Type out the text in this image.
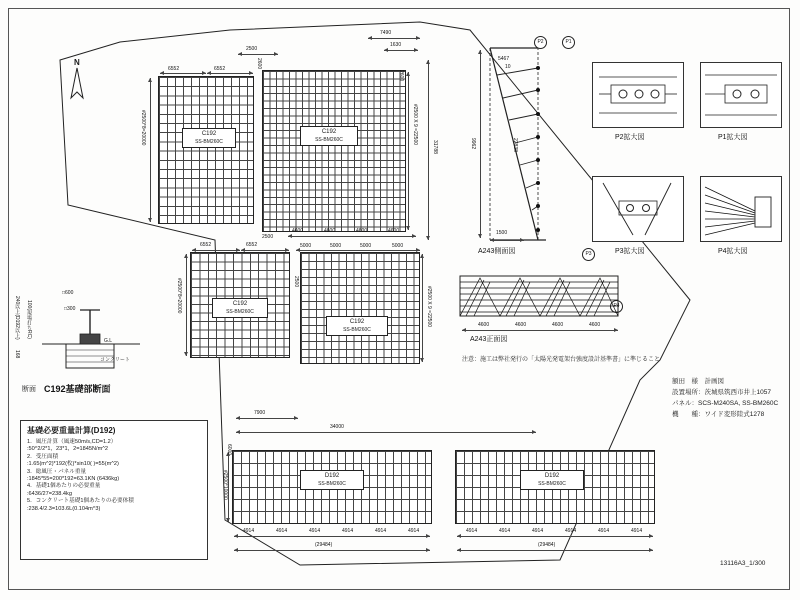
N
C192
SS-BM260C
6552	6552
#2500*8=20000	C192
SS-BM260C	#2500 X 9 =22500
7490
1630
2500
2600
2600
31788
C192
SS-BM260C
6552	6552
#2500*8=20000
C192
SS-BM260C
#2500 X 9 =22500
2500
5000	5000	5000	5000
2500
4600	4600	4600	4600
D192
SS-BM260C
D192
SS-BM260C
#2500*10000
4914	4914	4914	4914	4914	4914
(29484)
4914	4914	4914	4914	4914	4914
(29484)
7900
34000
6000
P2	P1
P3
P4
5467
10
22838
9962
1500
A243側面図
4600	4600	4600	4600
A243正面図
P2拡大図	P1拡大図
P3拡大図	P4拡大図
□600
□300
G.L
コンクリート
100(現場打ちRC)
240以上(D192以上)
168
断面 C192基礎部断面
基礎必要重量計算(D192)
1．風圧計算（風速50m/s,CD=1.2）
:50^2/2*1，23*1，2=1845N/m^2
2．受圧面積
:1.65(m^2)*192(枚)*sin10( )=55(m^2)
3．総風圧・パネル重量
:1845*55=200*192=63.1KN (6436kg)
4．基礎1個あたりの必要重量
:6436/27=238.4kg
5．コンクリート基礎1個あたりの必要体積
:238.4/2.3=103.6L(0.104m^3)
注意：施工は弊社発行の「太陽光発電架台強度設計基準書」に準じること
額田　様　計画図
設置場所：茨城県筑西市井上1057
パネル：SCS-M240SA, SS-BM260C
機　　種：ワイド変形陸式1278
13116A3_1/300
